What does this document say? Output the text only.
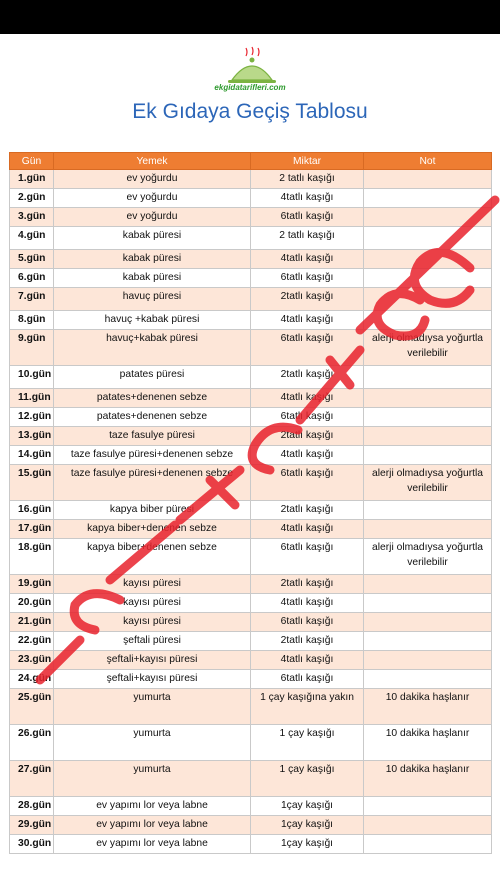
ekgidatarifleri.com
Ek Gıdaya Geçiş Tablosu
Gün	Yemek	Miktar	Not
1.gün	ev yoğurdu	2 tatlı kaşığı	
2.gün	ev yoğurdu	4tatlı kaşığı	
3.gün	ev yoğurdu	6tatlı kaşığı	
4.gün	kabak püresi	2 tatlı kaşığı	
5.gün	kabak püresi	4tatlı kaşığı	
6.gün	kabak püresi	6tatlı kaşığı	
7.gün	havuç püresi	2tatlı kaşığı	
8.gün	havuç +kabak püresi	4tatlı kaşığı	
9.gün	havuç+kabak püresi	6tatlı kaşığı	alerji olmadıysa yoğurtla verilebilir
10.gün	patates püresi	2tatlı kaşığı	
11.gün	patates+denenen sebze	4tatlı kaşığı	
12.gün	patates+denenen sebze	6tatlı kaşığı	
13.gün	taze fasulye püresi	2tatlı kaşığı	
14.gün	taze fasulye püresi+denenen sebze	4tatlı kaşığı	
15.gün	taze fasulye püresi+denenen sebze	6tatlı kaşığı	alerji olmadıysa yoğurtla verilebilir
16.gün	kapya biber püresi	2tatlı kaşığı	
17.gün	kapya biber+denenen sebze	4tatlı kaşığı	
18.gün	kapya biber+denenen sebze	6tatlı kaşığı	alerji olmadıysa yoğurtla verilebilir
19.gün	kayısı püresi	2tatlı kaşığı	
20.gün	kayısı püresi	4tatlı kaşığı	
21.gün	kayısı püresi	6tatlı kaşığı	
22.gün	şeftali püresi	2tatlı kaşığı	
23.gün	şeftali+kayısı püresi	4tatlı kaşığı	
24.gün	şeftali+kayısı püresi	6tatlı kaşığı	
25.gün	yumurta	1 çay kaşığına yakın	10 dakika haşlanır
26.gün	yumurta	1 çay kaşığı	10 dakika haşlanır
27.gün	yumurta	1 çay kaşığı	10 dakika haşlanır
28.gün	ev yapımı lor veya labne	1çay kaşığı	
29.gün	ev yapımı lor veya labne	1çay kaşığı	
30.gün	ev yapımı lor veya labne	1çay kaşığı	
